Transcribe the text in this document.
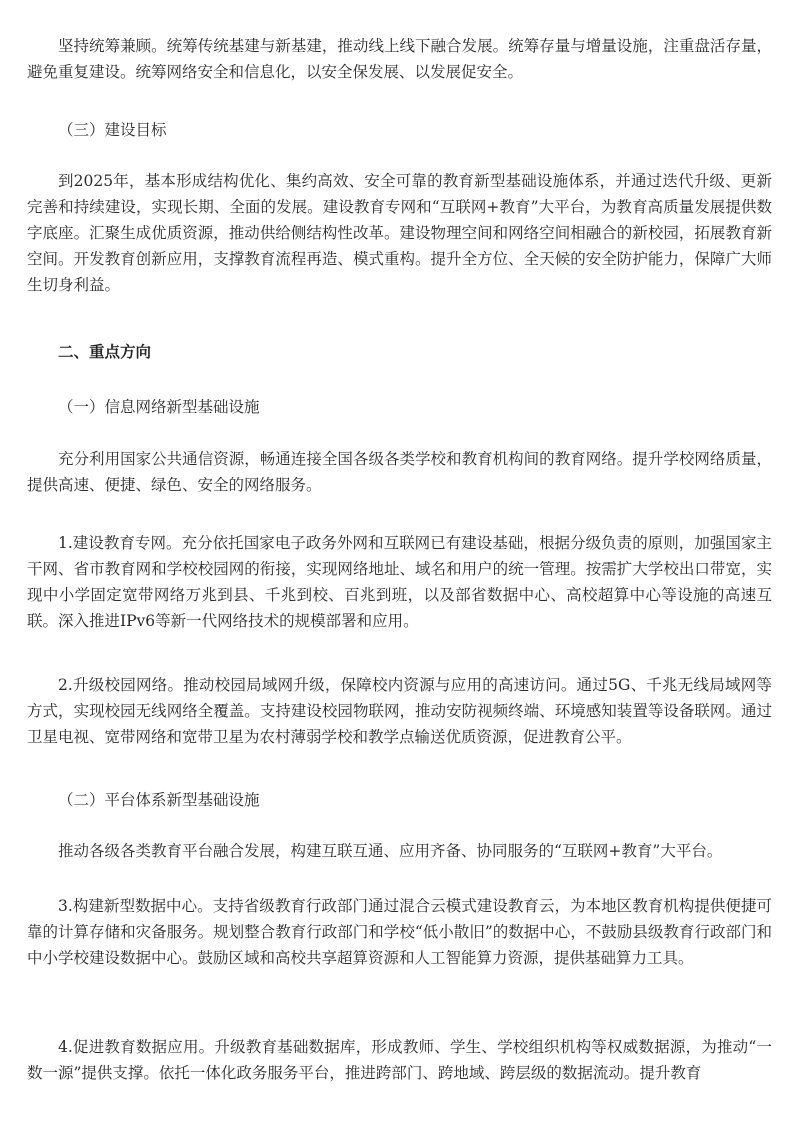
坚持统筹兼顾。统筹传统基建与新基建，推动线上线下融合发展。统筹存量与增量设施，注重盘活存量，避免重复建设。统筹网络安全和信息化，以安全保发展、以发展促安全。

（三）建设目标

到2025年，基本形成结构优化、集约高效、安全可靠的教育新型基础设施体系，并通过迭代升级、更新完善和持续建设，实现长期、全面的发展。建设教育专网和“互联网+教育”大平台，为教育高质量发展提供数字底座。汇聚生成优质资源，推动供给侧结构性改革。建设物理空间和网络空间相融合的新校园，拓展教育新空间。开发教育创新应用，支撑教育流程再造、模式重构。提升全方位、全天候的安全防护能力，保障广大师生切身利益。

二、重点方向

（一）信息网络新型基础设施

充分利用国家公共通信资源，畅通连接全国各级各类学校和教育机构间的教育网络。提升学校网络质量，提供高速、便捷、绿色、安全的网络服务。

1.建设教育专网。充分依托国家电子政务外网和互联网已有建设基础，根据分级负责的原则，加强国家主干网、省市教育网和学校校园网的衔接，实现网络地址、域名和用户的统一管理。按需扩大学校出口带宽，实现中小学固定宽带网络万兆到县、千兆到校、百兆到班，以及部省数据中心、高校超算中心等设施的高速互联。深入推进IPv6等新一代网络技术的规模部署和应用。

2.升级校园网络。推动校园局域网升级，保障校内资源与应用的高速访问。通过5G、千兆无线局域网等方式，实现校园无线网络全覆盖。支持建设校园物联网，推动安防视频终端、环境感知装置等设备联网。通过卫星电视、宽带网络和宽带卫星为农村薄弱学校和教学点输送优质资源，促进教育公平。

（二）平台体系新型基础设施

推动各级各类教育平台融合发展，构建互联互通、应用齐备、协同服务的“互联网+教育”大平台。

3.构建新型数据中心。支持省级教育行政部门通过混合云模式建设教育云，为本地区教育机构提供便捷可靠的计算存储和灾备服务。规划整合教育行政部门和学校“低小散旧”的数据中心，不鼓励县级教育行政部门和中小学校建设数据中心。鼓励区域和高校共享超算资源和人工智能算力资源，提供基础算力工具。

4.促进教育数据应用。升级教育基础数据库，形成教师、学生、学校组织机构等权威数据源，为推动“一数一源”提供支撑。依托一体化政务服务平台，推进跨部门、跨地域、跨层级的数据流动。提升教育
